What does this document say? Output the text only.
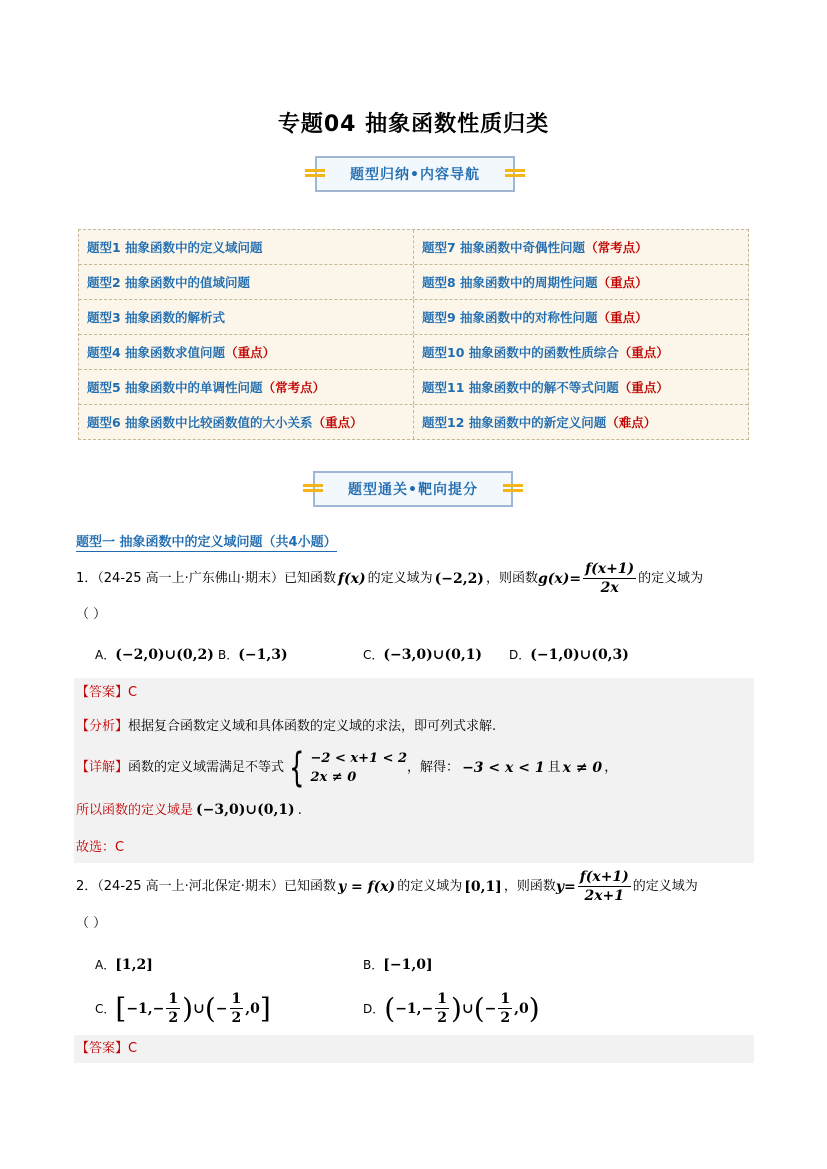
专题04 抽象函数性质归类
题型归纳•内容导航
题型1 抽象函数中的定义域问题	题型7 抽象函数中奇偶性问题 （常考点）
题型2 抽象函数中的值域问题	题型8 抽象函数中的周期性问题 （重点）
题型3 抽象函数的解析式	题型9 抽象函数中的对称性问题 （重点）
题型4 抽象函数求值问题 （重点）	题型10 抽象函数中的函数性质综合 （重点）
题型5 抽象函数中的单调性问题 （常考点）	题型11 抽象函数中的解不等式问题 （重点）
题型6 抽象函数中比较函数值的大小关系 （重点）	题型12 抽象函数中的新定义问题 （难点）
题型通关•靶向提分
题型一 抽象函数中的定义域问题（共4小题）
1．（24-25 高一上·广东佛山·期末）已知函数 f(x) 的定义域为 (−2,2) ，则函数 $g(x)= \frac{f(x+1)}{2x}$ 的定义域为
（ ）
A．(−2,0)∪(0,2) B．(−1,3)	C．(−3,0)∪(0,1) D．(−1,0)∪(0,3)
【答案】C
【分析】根据复合函数定义域和具体函数的定义域的求法，即可列式求解.
【详解】 函数的定义域需满足不等式 { −2 < x+1 < 2
2x ≠ 0
，解得： −3 < x < 1 且 x ≠ 0 ，
所以函数的定义域是 (−3,0)∪(0,1) .
故选：C
2．（24-25 高一上·河北保定·期末）已知函数 y = f(x) 的定义域为 [0,1] ，则函数 $y= \frac{f(x+1)}{2x+1}$ 的定义域为
（ ）
A．[1,2]	B．[−1,0]
C． [ $-1,- \frac{1}{2}$ ) ∪ ( − $\frac{1}{2} ,0$ ]	D． ( $-1,- \frac{1}{2}$ ) ∪ ( − $\frac{1}{2} ,0$ )
【答案】C
